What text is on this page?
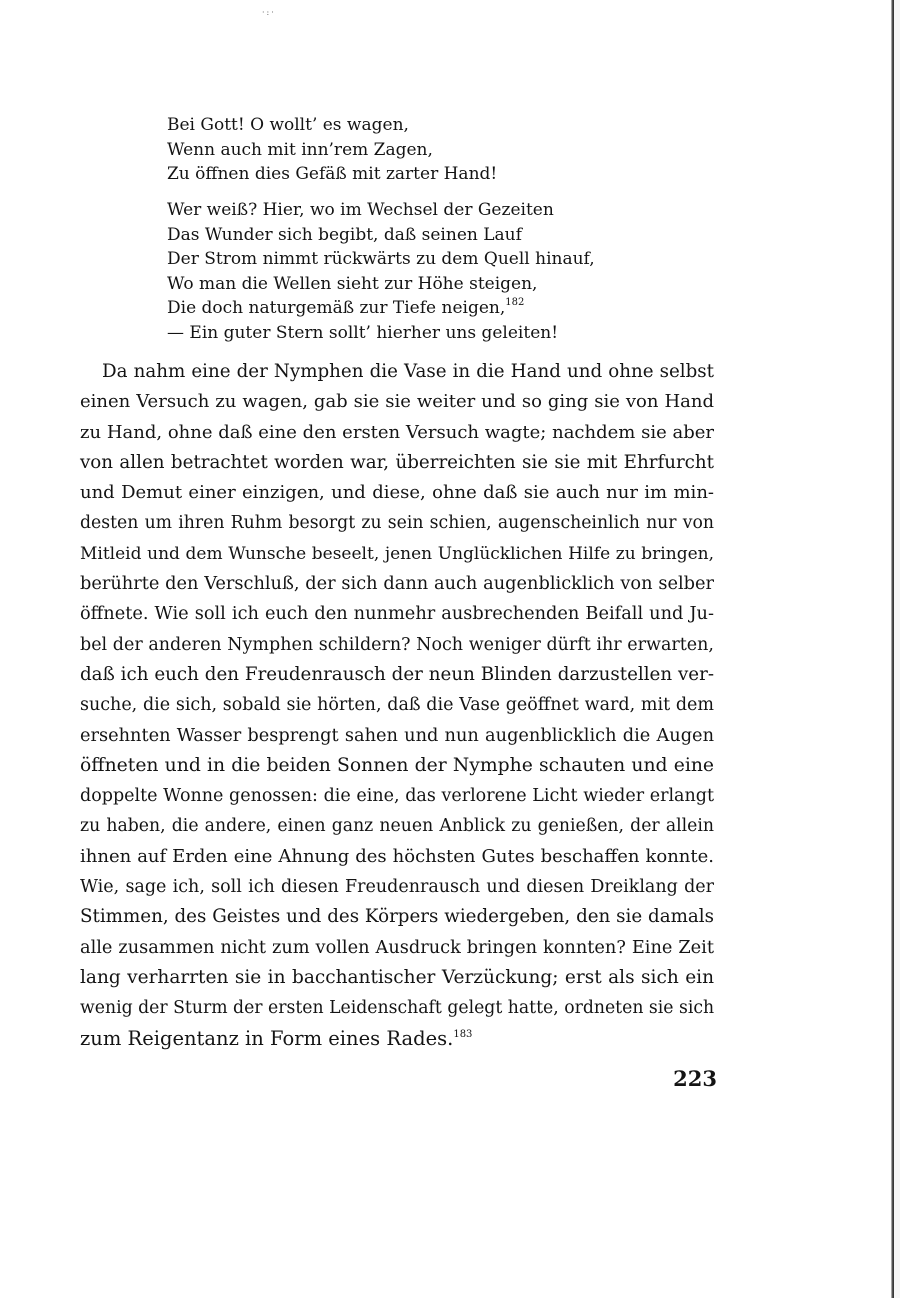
·:·
Bei Gott! O wollt’ es wagen,
Wenn auch mit inn’rem Zagen,
Zu öffnen dies Gefäß mit zarter Hand!
Wer weiß? Hier, wo im Wechsel der Gezeiten
Das Wunder sich begibt, daß seinen Lauf
Der Strom nimmt rückwärts zu dem Quell hinauf,
Wo man die Wellen sieht zur Höhe steigen,
Die doch naturgemäß zur Tiefe neigen,$^{182}$
— Ein guter Stern sollt’ hierher uns geleiten!
Da nahm eine der Nymphen die Vase in die Hand und ohne selbst
einen Versuch zu wagen, gab sie sie weiter und so ging sie von Hand
zu Hand, ohne daß eine den ersten Versuch wagte; nachdem sie aber
von allen betrachtet worden war, überreichten sie sie mit Ehrfurcht
und Demut einer einzigen, und diese, ohne daß sie auch nur im min-
desten um ihren Ruhm besorgt zu sein schien, augenscheinlich nur von
Mitleid und dem Wunsche beseelt, jenen Unglücklichen Hilfe zu bringen,
berührte den Verschluß, der sich dann auch augenblicklich von selber
öffnete. Wie soll ich euch den nunmehr ausbrechenden Beifall und Ju-
bel der anderen Nymphen schildern? Noch weniger dürft ihr erwarten,
daß ich euch den Freudenrausch der neun Blinden darzustellen ver-
suche, die sich, sobald sie hörten, daß die Vase geöffnet ward, mit dem
ersehnten Wasser besprengt sahen und nun augenblicklich die Augen
öffneten und in die beiden Sonnen der Nymphe schauten und eine
doppelte Wonne genossen: die eine, das verlorene Licht wieder erlangt
zu haben, die andere, einen ganz neuen Anblick zu genießen, der allein
ihnen auf Erden eine Ahnung des höchsten Gutes beschaffen konnte.
Wie, sage ich, soll ich diesen Freudenrausch und diesen Dreiklang der
Stimmen, des Geistes und des Körpers wiedergeben, den sie damals
alle zusammen nicht zum vollen Ausdruck bringen konnten? Eine Zeit
lang verharrten sie in bacchantischer Verzückung; erst als sich ein
wenig der Sturm der ersten Leidenschaft gelegt hatte, ordneten sie sich
zum Reigentanz in Form eines Rades.$^{183}$
223
